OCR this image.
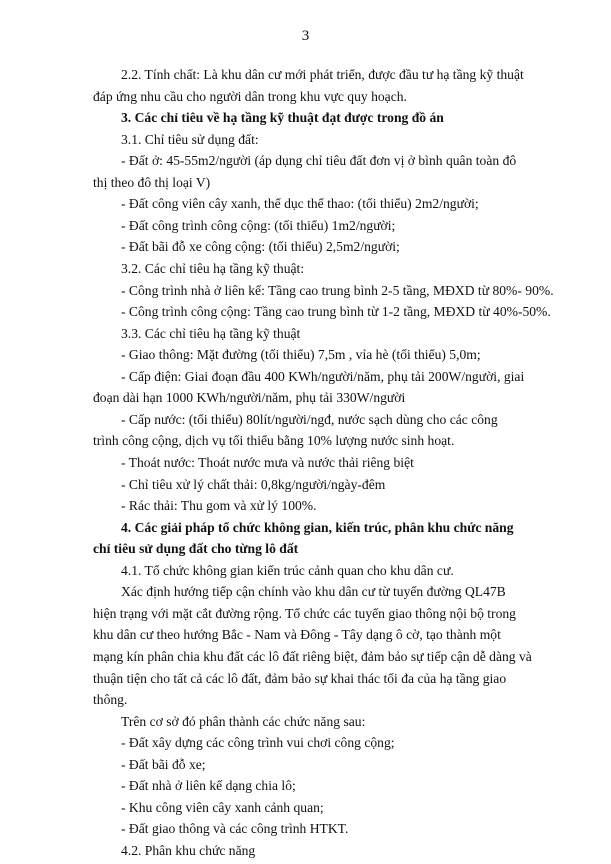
3
2.2. Tính chất: Là khu dân cư mới phát triển, được đầu tư hạ tầng kỹ thuật
đáp ứng nhu cầu cho người dân trong khu vực quy hoạch.
3. Các chỉ tiêu về hạ tầng kỹ thuật đạt được trong đồ án
3.1. Chỉ tiêu sử dụng đất:
- Đất ở: 45-55m2/người (áp dụng chỉ tiêu đất đơn vị ở bình quân toàn đô
thị theo đô thị loại V)
- Đất công viên cây xanh, thể dục thể thao: (tối thiểu) 2m2/người;
- Đất công trình công cộng: (tối thiểu) 1m2/người;
- Đất bãi đỗ xe công cộng: (tối thiểu) 2,5m2/người;
3.2. Các chỉ tiêu hạ tầng kỹ thuật:
- Công trình nhà ở liên kế: Tầng cao trung bình 2-5 tầng, MĐXD từ 80%- 90%.
- Công trình công cộng: Tầng cao trung bình từ 1-2 tầng, MĐXD từ 40%-50%.
3.3. Các chỉ tiêu hạ tầng kỹ thuật
- Giao thông: Mặt đường (tối thiểu) 7,5m , vỉa hè (tối thiểu) 5,0m;
- Cấp điện: Giai đoạn đầu 400 KWh/người/năm, phụ tải 200W/người, giai
đoạn dài hạn 1000 KWh/người/năm, phụ tải 330W/người
- Cấp nước: (tối thiểu) 80lít/người/ngđ, nước sạch dùng cho các công
trình công cộng, dịch vụ tối thiểu bằng 10% lượng nước sinh hoạt.
- Thoát nước: Thoát nước mưa và nước thải riêng biệt
- Chỉ tiêu xử lý chất thải: 0,8kg/người/ngày-đêm
- Rác thải: Thu gom và xử lý 100%.
4. Các giải pháp tổ chức không gian, kiến trúc, phân khu chức năng
chỉ tiêu sử dụng đất cho từng lô đất
4.1. Tổ chức không gian kiến trúc cảnh quan cho khu dân cư.
Xác định hướng tiếp cận chính vào khu dân cư từ tuyến đường QL47B
hiện trạng với mặt cắt đường rộng. Tổ chức các tuyến giao thông nội bộ trong
khu dân cư theo hướng Bắc - Nam và Đông - Tây dạng ô cờ, tạo thành một
mạng kín phân chia khu đất các lô đất riêng biệt, đảm bảo sự tiếp cận dễ dàng và
thuận tiện cho tất cả các lô đất, đảm bảo sự khai thác tối đa của hạ tầng giao
thông.
Trên cơ sở đó phân thành các chức năng sau:
- Đất xây dựng các công trình vui chơi công cộng;
- Đất bãi đỗ xe;
- Đất nhà ở liên kế dạng chia lô;
- Khu công viên cây xanh cảnh quan;
- Đất giao thông và các công trình HTKT.
4.2. Phân khu chức năng
